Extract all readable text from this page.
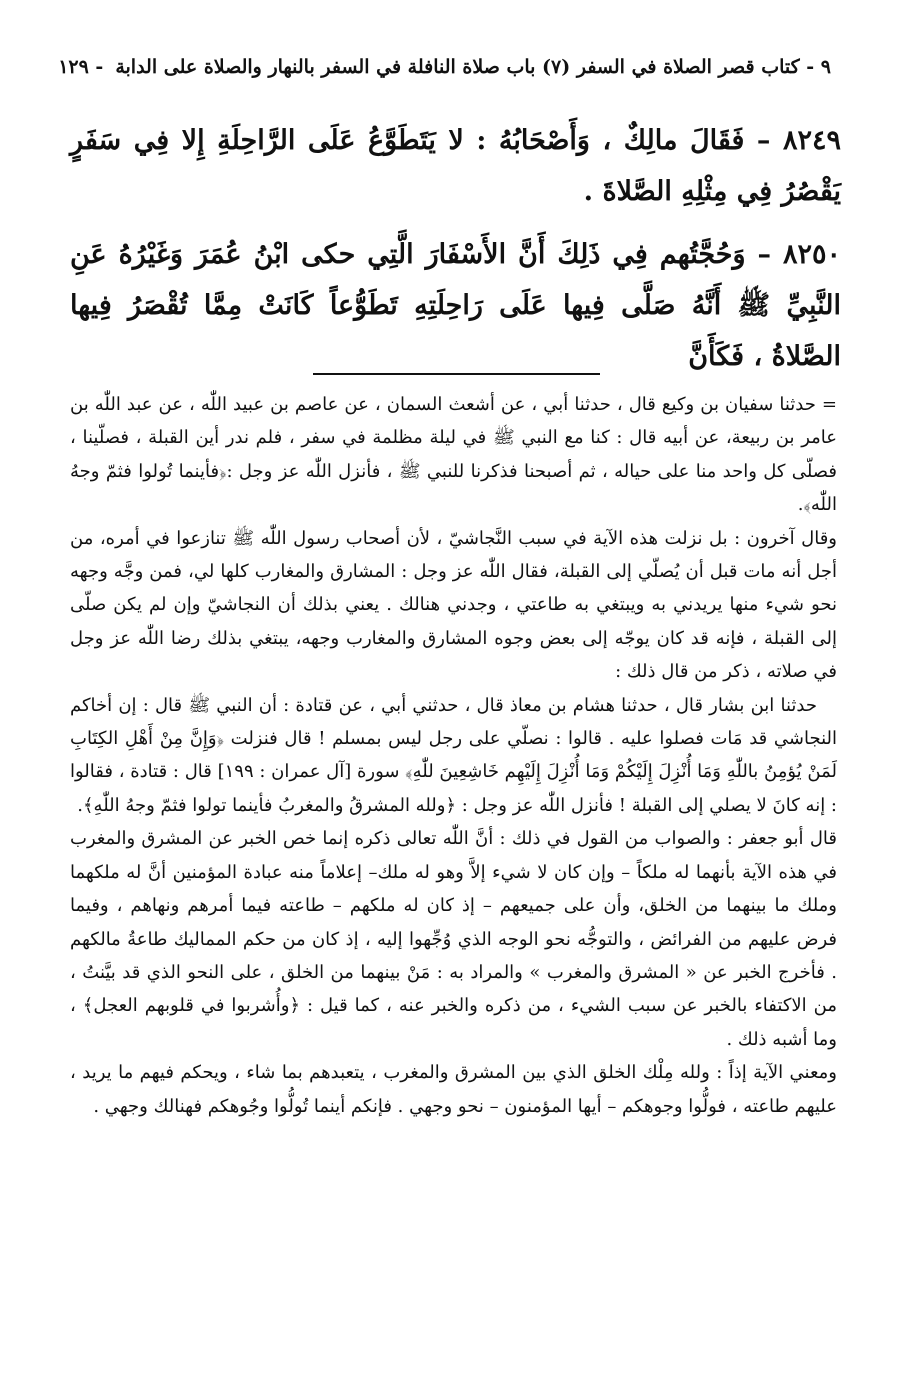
٩ - كتاب قصر الصلاة في السفر (٧) باب صلاة النافلة في السفر بالنهار والصلاة على الدابة
- ١٢٩

٨٢٤٩ – فَقَالَ مالِكٌ ، وَأَصْحَابُهُ : لا يَتَطَوَّعُ عَلَى الرَّاحِلَةِ إِلا فِي سَفَرٍ يَقْصُرُ فِي مِثْلِهِ الصَّلاةَ .

٨٢٥٠ – وَحُجَّتُهم فِي ذَلِكَ أَنَّ الأَسْفَارَ الَّتِي حكى ابْنُ عُمَرَ وَغَيْرُهُ عَنِ النَّبِيِّ ﷺ أَنَّهُ صَلَّى فِيها عَلَى رَاحِلَتِهِ تَطَوُّعاً كَانَتْ مِمَّا تُقْصَرُ فِيها الصَّلاةُ ، فَكَأَنَّ

= حدثنا سفيان بن وكيع قال ، حدثنا أبي ، عن أشعث السمان ، عن عاصم بن عبيد اللّٰه ، عن عبد اللّٰه بن عامر بن ربيعة، عن أبيه قال : كنا مع النبي ﷺ في ليلة مظلمة في سفر ، فلم ندر أين القبلة ، فصلّينا ، فصلّى كل واحد منا على حياله ، ثم أصبحنا فذكرنا للنبي ﷺ ، فأنزل اللّٰه عز وجل :﴿فأينما تُولوا فثمّ وجهُ اللّٰه﴾.

وقال آخرون : بل نزلت هذه الآية في سبب النَّجاشيّ ، لأن أصحاب رسول اللّٰه ﷺ تنازعوا في أمره، من أجل أنه مات قبل أن يُصلّي إلى القبلة، فقال اللّٰه عز وجل : المشارق والمغارب كلها لي، فمن وجَّه وجهه نحو شيء منها يريدني به ويبتغي به طاعتي ، وجدني هنالك . يعني بذلك أن النجاشيّ وإن لم يكن صلّى إلى القبلة ، فإنه قد كان يوجّه إلى بعض وجوه المشارق والمغارب وجهه، يبتغي بذلك رضا اللّٰه عز وجل في صلاته ، ذكر من قال ذلك :

حدثنا ابن بشار قال ، حدثنا هشام بن معاذ قال ، حدثني أبي ، عن قتادة : أن النبي ﷺ قال : إن أخاكم النجاشي قد مَات فصلوا عليه . قالوا : نصلّي على رجل ليس بمسلم ! قال فنزلت ﴿وَإِنَّ مِنْ أَهْلِ الكِتَابِ لَمَنْ يُؤمِنُ باللّٰهِ وَمَا أُنْزِلَ إِلَيْكُمْ وَمَا أُنْزِلَ إِلَيْهِم خَاشِعِينَ للّٰهِ﴾ سورة [آل عمران : ١٩٩] قال : قتادة ، فقالوا : إنه كانَ لا يصلي إلى القبلة ! فأنزل اللّٰه عز وجل : ﴿ولله المشرقُ والمغربُ فأينما تولوا فثمّ وجهُ اللّٰهِ﴾.

قال أبو جعفر : والصواب من القول في ذلك : أنَّ اللّٰه تعالى ذكره إنما خص الخبر عن المشرق والمغرب في هذه الآية بأنهما له ملكاً – وإن كان لا شيء إلاَّ وهو له ملك– إعلاماً منه عبادة المؤمنين أنَّ له ملكهما وملك ما بينهما من الخلق، وأن على جميعهم – إذ كان له ملكهم – طاعته فيما أمرهم ونهاهم ، وفيما فرض عليهم من الفرائض ، والتوجُّه نحو الوجه الذي وُجِّهوا إليه ، إذ كان من حكم المماليك طاعةُ مالكهم . فأخرج الخبر عن « المشرق والمغرب » والمراد به : مَنْ بينهما من الخلق ، على النحو الذي قد بيَّنتُ ، من الاكتفاء بالخبر عن سبب الشيء ، من ذكره والخبر عنه ، كما قيل : ﴿وأُشربوا في قلوبهم العجل﴾ ، وما أشبه ذلك .

ومعني الآية إذاً : ولله مِلْك الخلق الذي بين المشرق والمغرب ، يتعبدهم بما شاء ، ويحكم فيهم ما يريد ، عليهم طاعته ، فولُّوا وجوهكم – أيها المؤمنون – نحو وجهي . فإنكم أينما تُولُّوا وجُوهكم فهنالك وجهي .
